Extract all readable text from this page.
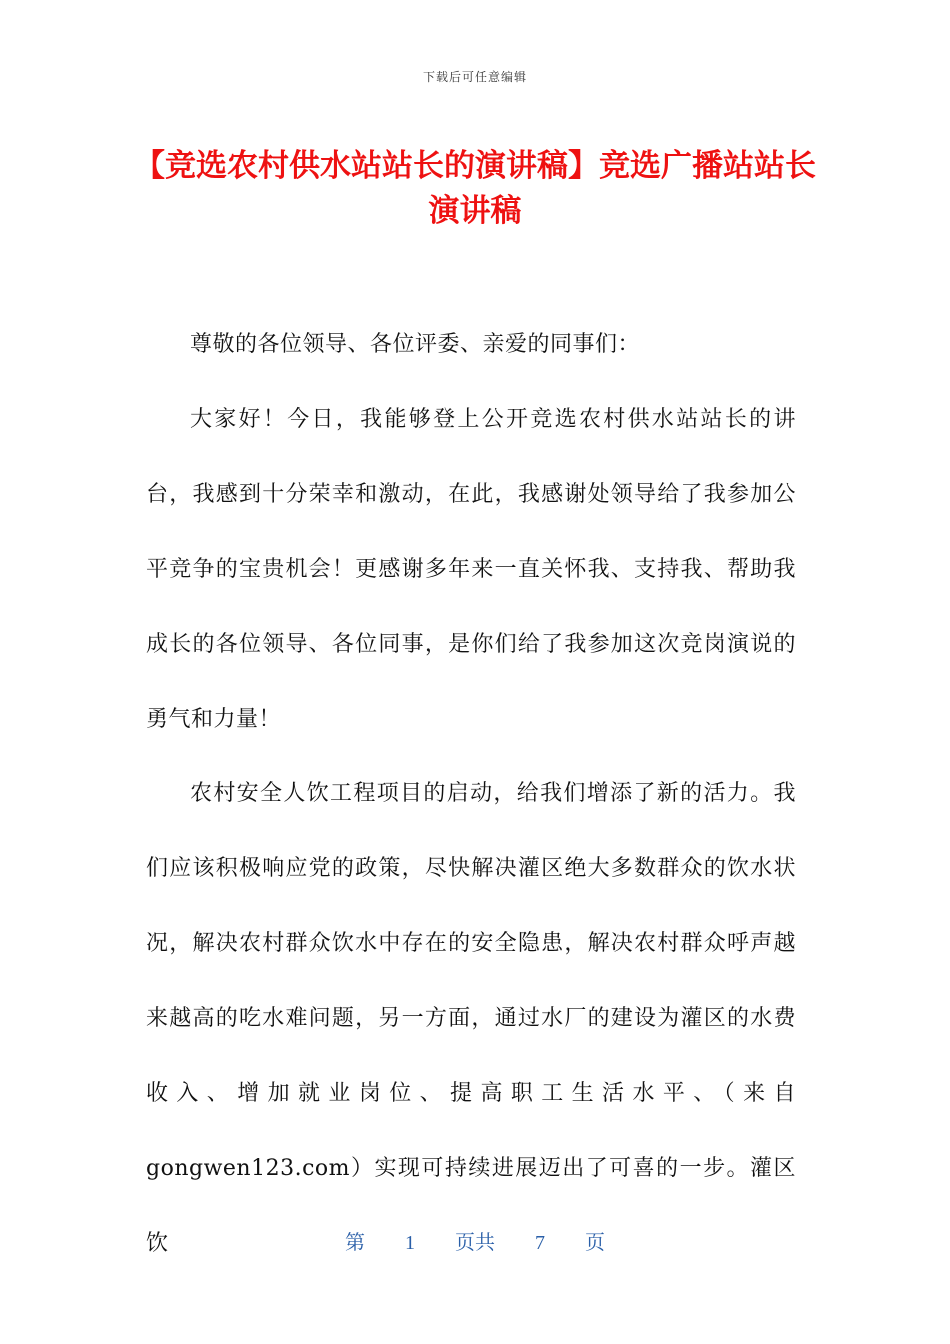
下载后可任意编辑
【竞选农村供水站站长的演讲稿】竞选广播站站长演讲稿

尊敬的各位领导、各位评委、亲爱的同事们：

大家好！今日，我能够登上公开竞选农村供水站站长的讲台，我感到十分荣幸和激动，在此，我感谢处领导给了我参加公平竞争的宝贵机会！更感谢多年来一直关怀我、支持我、帮助我成长的各位领导、各位同事，是你们给了我参加这次竞岗演说的勇气和力量！

农村安全人饮工程项目的启动，给我们增添了新的活力。我们应该积极响应党的政策，尽快解决灌区绝大多数群众的饮水状况，解决农村群众饮水中存在的安全隐患，解决农村群众呼声越来越高的吃水难问题，另一方面，通过水厂的建设为灌区的水费收入、增加就业岗位、提高职工生活水平、（来自gongwen123.com）实现可持续进展迈出了可喜的一步。灌区饮	第 1 页共 7 页
